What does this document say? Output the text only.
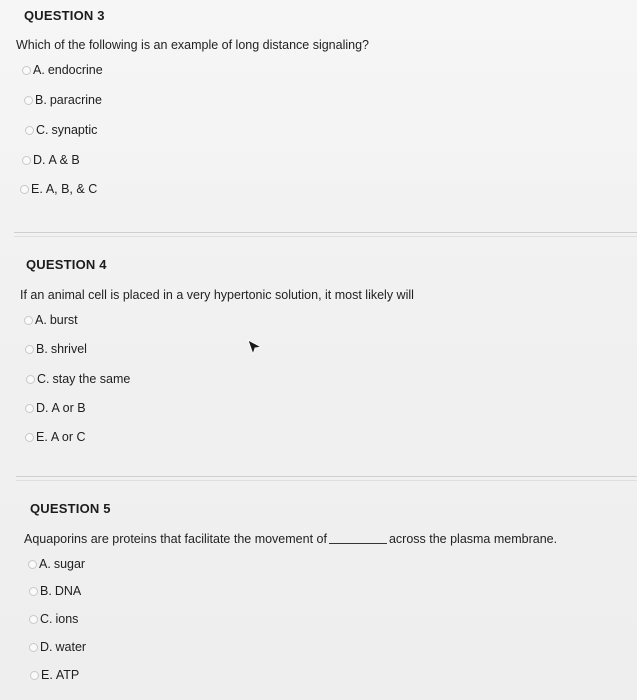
QUESTION 3
Which of the following is an example of long distance signaling?
A. endocrine
B. paracrine
C. synaptic
D. A & B
E. A, B, & C
QUESTION 4
If an animal cell is placed in a very hypertonic solution, it most likely will
A. burst
B. shrivel
C. stay the same
D. A or B
E. A or C
QUESTION 5
Aquaporins are proteins that facilitate the movement of	across the plasma membrane.
A. sugar
B. DNA
C. ions
D. water
E. ATP
